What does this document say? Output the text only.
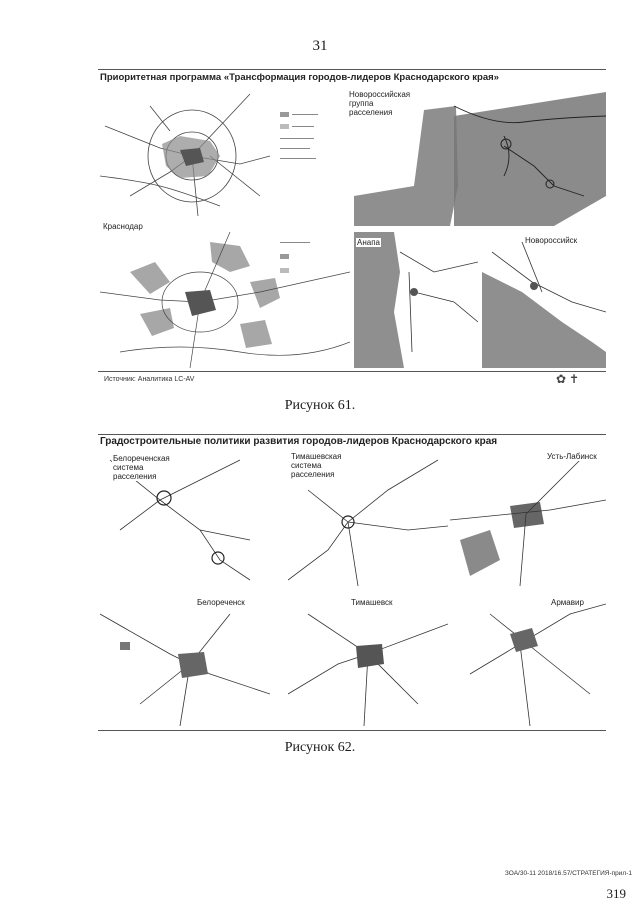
31
Приоритетная программа «Трансформация городов-лидеров Краснодарского края»
Краснодар
Новороссийская
группа
расселения
Анапа	Новороссийск
Источник: Аналитика LC-AV	✿ ✝
Рисунок 61.
Градостроительные политики развития городов-лидеров Краснодарского края
Белореченская
система
расселения
Тимашевская
система
расселения
Усть-Лабинск
Белореченск	Тимашевск	Армавир
Рисунок 62.
ЗОА/30-11 2018/16.57/СТРАТЕГИЯ-прил-1
319
